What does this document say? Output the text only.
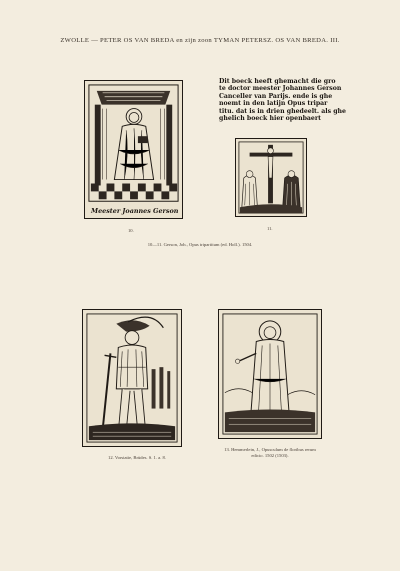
ZWOLLE — PETER OS VAN BREDA en zijn zoon TYMAN PETERSZ. OS VAN BREDA. III.
Meester Joannes Gerson
10.
Dit boeck heeft ghemacht die gro
te doctor meester Johannes Gerson
Canceller van Parijs. ende is ghe
noemt in den latijn Opus tripar
titu. dat is in drien ghedeelt. als ghe
ghelich boeck hier openbaert
11.
10—11. Gerson, Joh., Opus tripartitum (ed. Holl.). 1504.
12. Vorstatie, Brüdes. S. 1. a. 8.
13. Hemmerlein, J., Opusculum de floribus rerum
edicio. 1502 (1503).
